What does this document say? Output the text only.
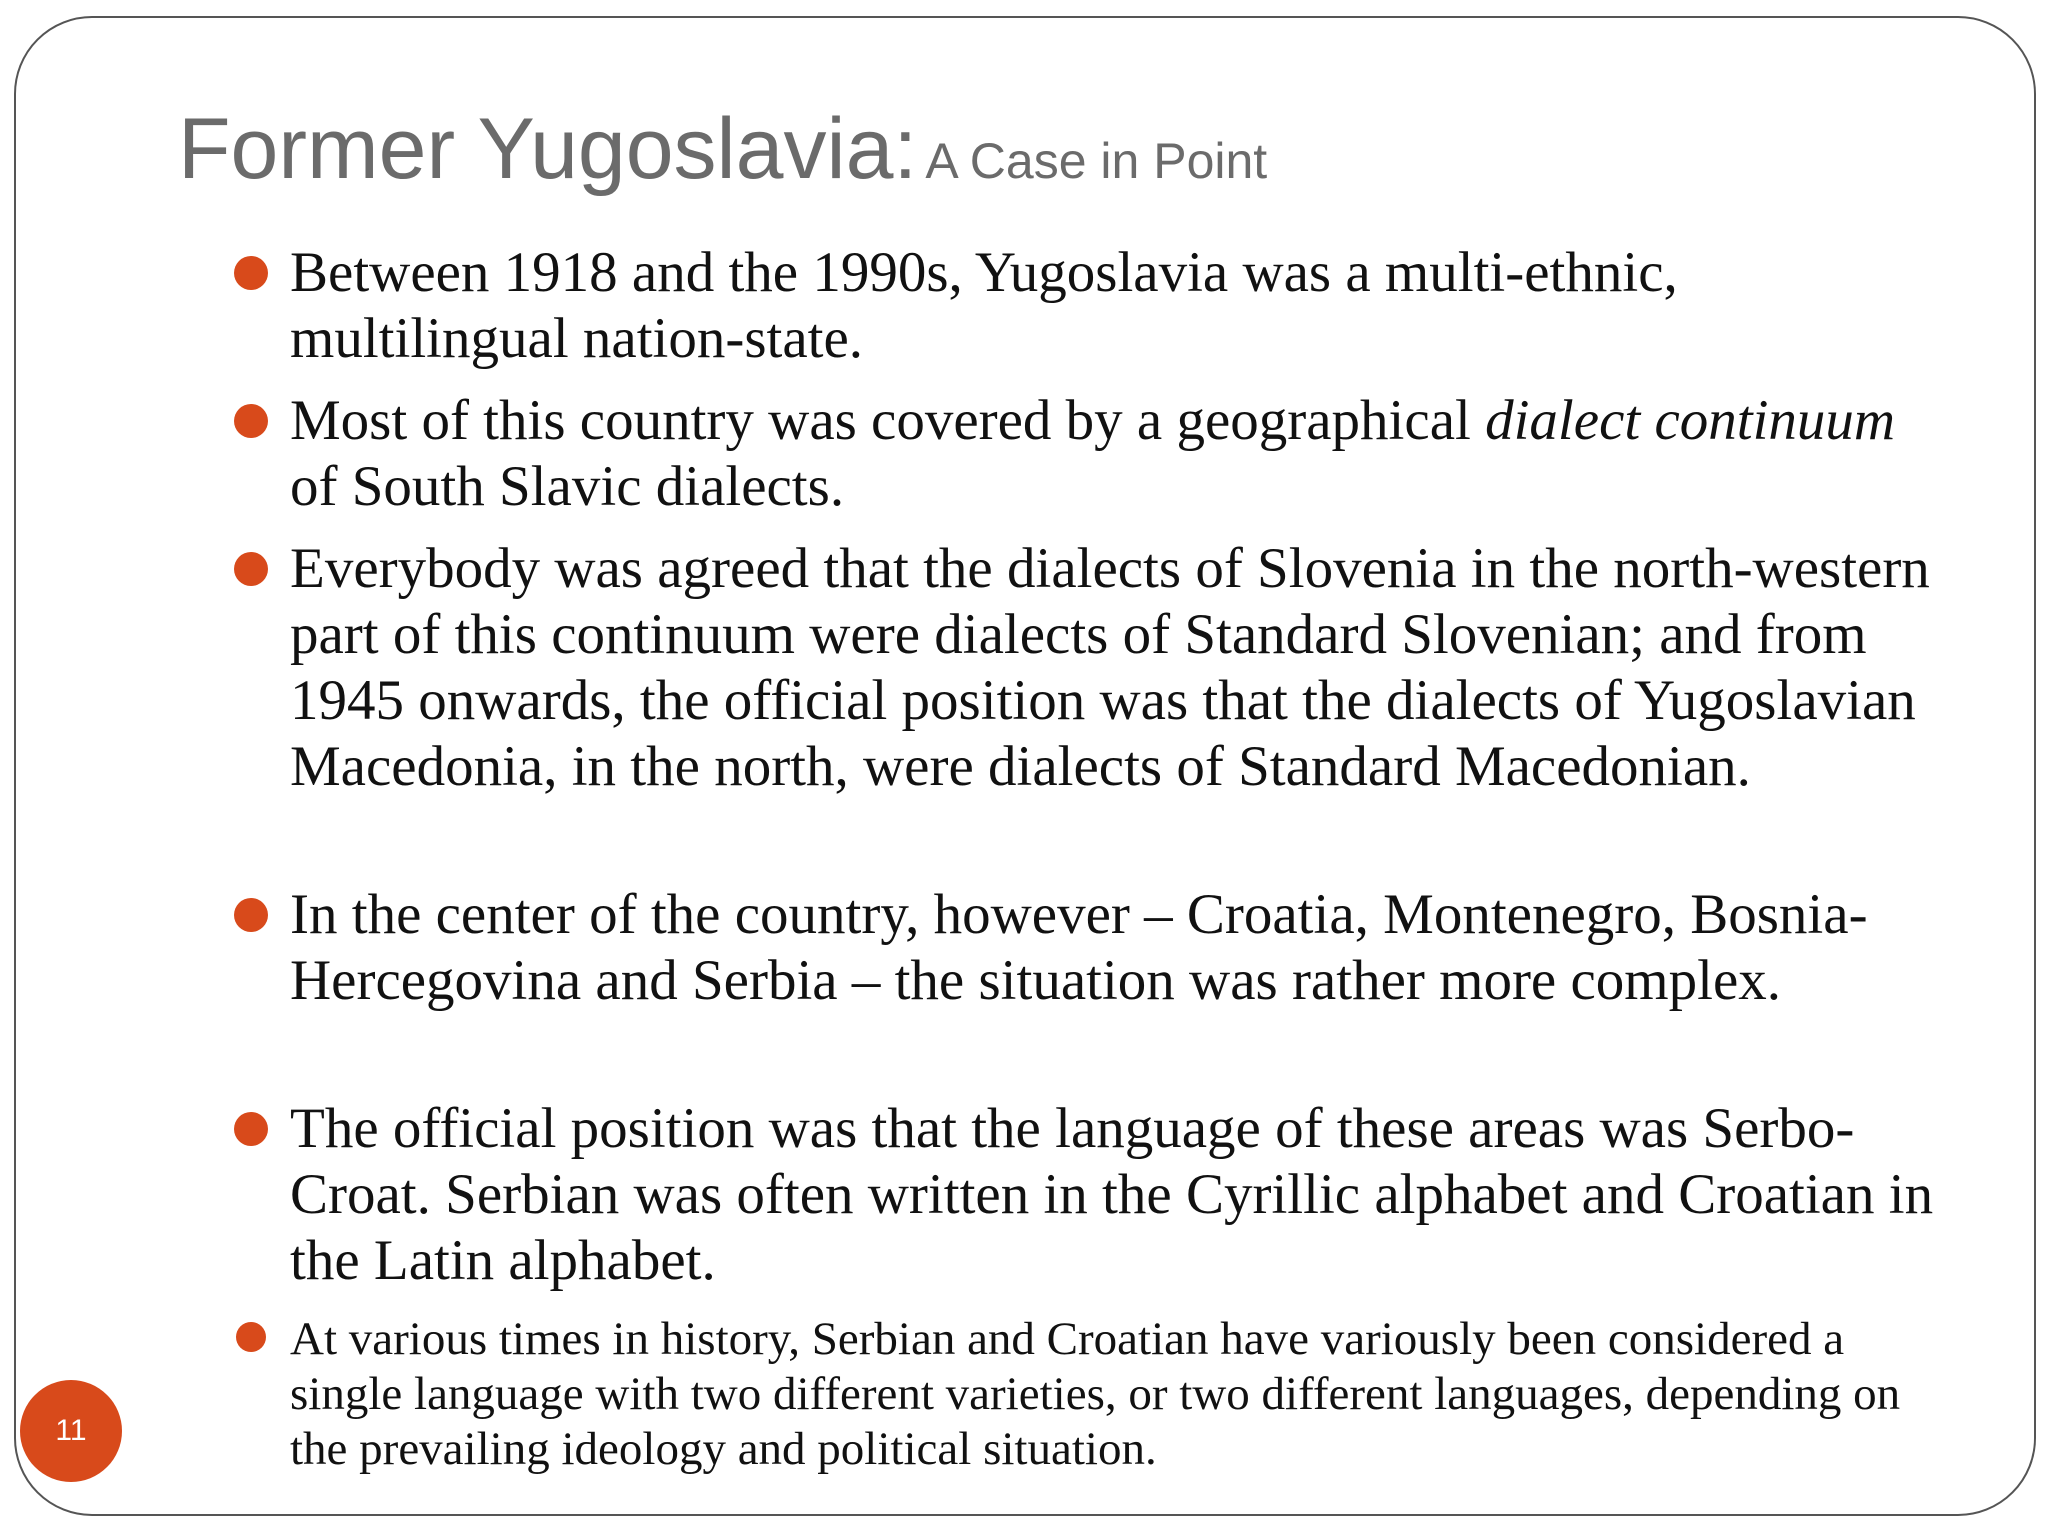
Former Yugoslavia: A Case in Point
Between 1918 and the 1990s, Yugoslavia was a multi-ethnic, multilingual nation-state.
Most of this country was covered by a geographical dialect continuum of South Slavic dialects.
Everybody was agreed that the dialects of Slovenia in the north-western part of this continuum were dialects of Standard Slovenian; and from 1945 onwards, the official position was that the dialects of Yugoslavian Macedonia, in the north, were dialects of Standard Macedonian.
In the center of the country, however – Croatia, Montenegro, Bosnia-Hercegovina and Serbia – the situation was rather more complex.
The official position was that the language of these areas was Serbo-Croat. Serbian was often written in the Cyrillic alphabet and Croatian in the Latin alphabet.
At various times in history, Serbian and Croatian have variously been considered a single language with two different varieties, or two different languages, depending on the prevailing ideology and political situation.
11
